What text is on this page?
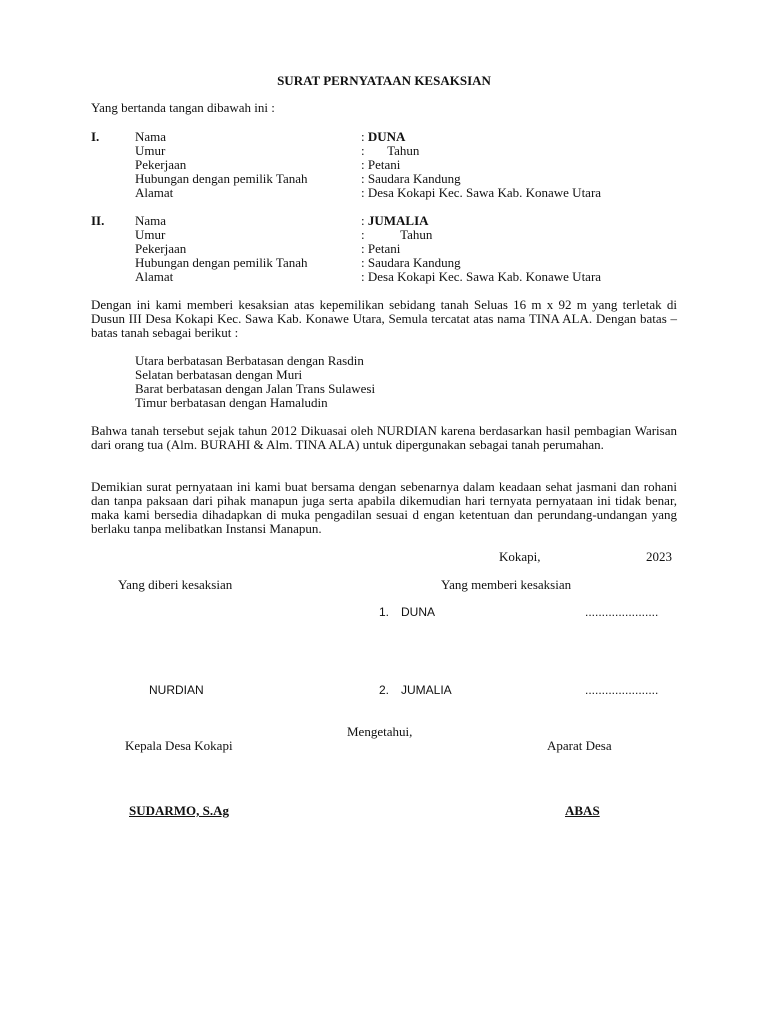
SURAT PERNYATAAN KESAKSIAN
Yang bertanda tangan dibawah ini :
I.	Nama	: DUNA
Umur	:       Tahun
Pekerjaan	: Petani
Hubungan dengan pemilik Tanah	: Saudara Kandung
Alamat	: Desa Kokapi Kec. Sawa Kab. Konawe Utara
II. Nama	: JUMALIA
Umur	:           Tahun
Pekerjaan	: Petani
Hubungan dengan pemilik Tanah	: Saudara Kandung
Alamat	: Desa Kokapi Kec. Sawa Kab. Konawe Utara
Dengan ini kami memberi kesaksian atas kepemilikan sebidang tanah Seluas 16 m x 92 m yang terletak di Dusun III Desa Kokapi Kec. Sawa Kab. Konawe Utara, Semula tercatat atas nama TINA ALA. Dengan batas – batas tanah sebagai berikut :
Utara berbatasan Berbatasan dengan Rasdin
Selatan berbatasan dengan Muri
Barat berbatasan dengan Jalan Trans Sulawesi
Timur berbatasan dengan Hamaludin
Bahwa tanah tersebut sejak tahun 2012 Dikuasai oleh NURDIAN karena berdasarkan hasil pembagian Warisan dari orang tua (Alm. BURAHI & Alm. TINA ALA) untuk dipergunakan sebagai tanah perumahan.
Demikian surat pernyataan ini kami buat bersama dengan sebenarnya dalam keadaan sehat jasmani dan rohani dan tanpa paksaan dari pihak manapun juga serta apabila dikemudian hari ternyata pernyataan ini tidak benar, maka kami bersedia dihadapkan di muka pengadilan sesuai d engan ketentuan dan perundang-undangan yang berlaku tanpa melibatkan Instansi Manapun.
Kokapi,	2023
Yang diberi kesaksian	Yang memberi kesaksian
1. DUNA	......................
NURDIAN	2. JUMALIA	......................
Mengetahui,
Kepala Desa Kokapi	Aparat Desa
SUDARMO, S.Ag	ABAS
